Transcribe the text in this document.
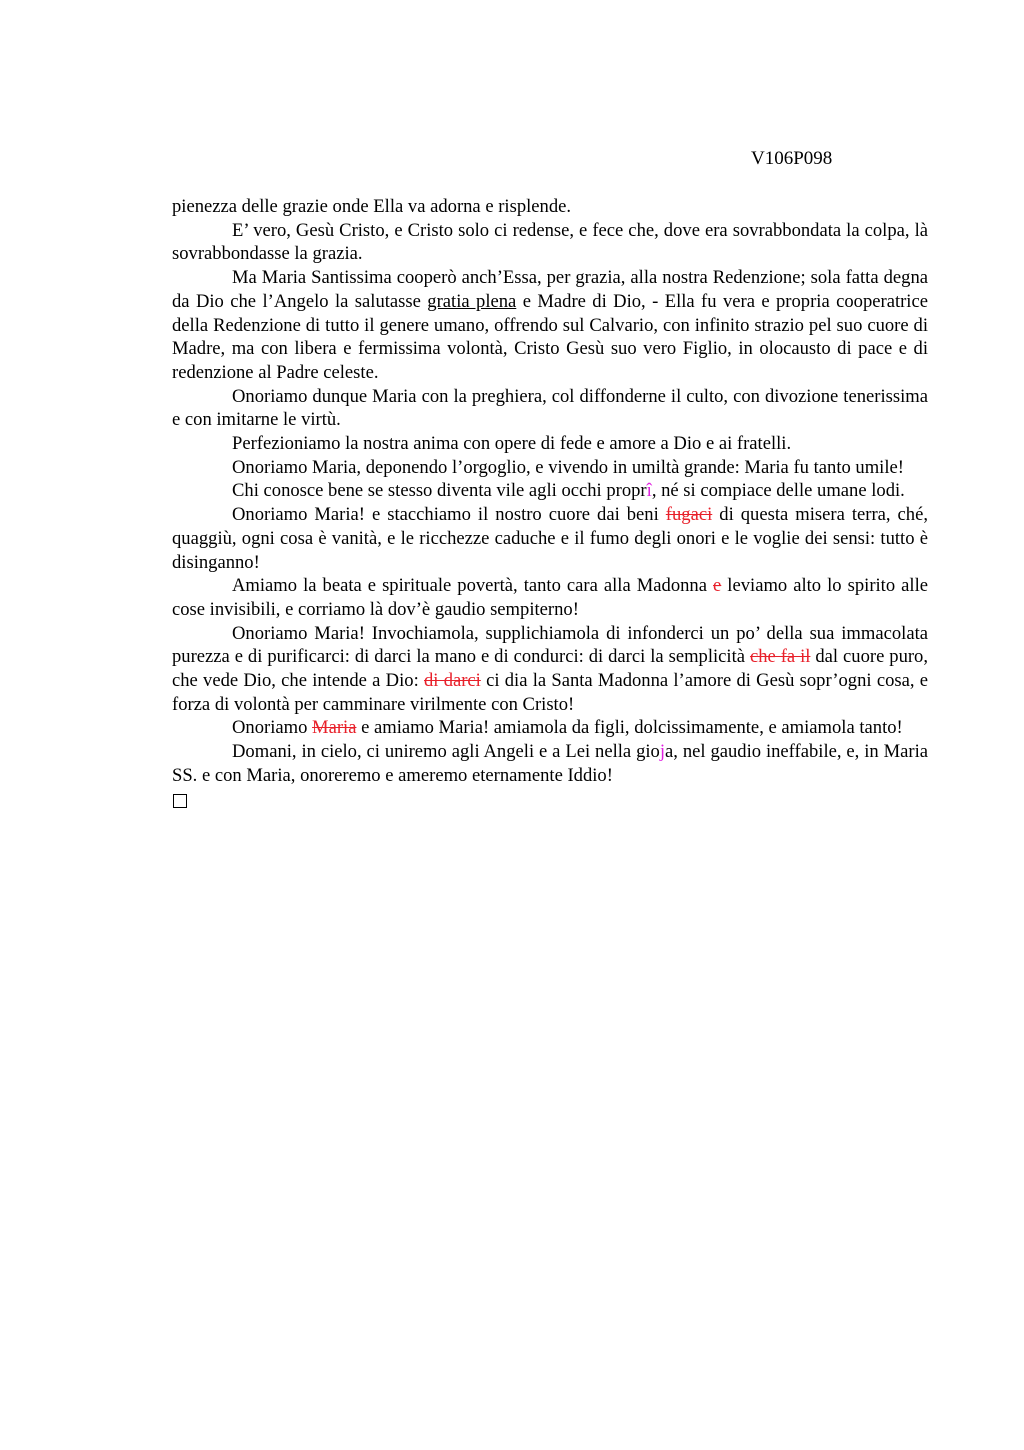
V106P098

pienezza delle grazie onde Ella va adorna e risplende.

E’ vero, Gesù Cristo, e Cristo solo ci redense, e fece che, dove era sovrabbondata la colpa, là sovrabbondasse la grazia.

Ma Maria Santissima cooperò anch’Essa, per grazia, alla nostra Redenzione; sola fatta degna da Dio che l’Angelo la salutasse gratia plena e Madre di Dio, - Ella fu vera e propria cooperatrice della Redenzione di tutto il genere umano, offrendo sul Calvario, con infinito strazio pel suo cuore di Madre, ma con libera e fermissima volontà, Cristo Gesù suo vero Figlio, in olocausto di pace e di redenzione al Padre celeste.

Onoriamo dunque Maria con la preghiera, col diffonderne il culto, con divozione tenerissima e con imitarne le virtù.

Perfezioniamo la nostra anima con opere di fede e amore a Dio e ai fratelli.

Onoriamo Maria, deponendo l’orgoglio, e vivendo in umiltà grande: Maria fu tanto umile!

Chi conosce bene se stesso diventa vile agli occhi proprî, né si compiace delle umane lodi.

Onoriamo Maria! e stacchiamo il nostro cuore dai beni fugaci di questa misera terra, ché, quaggiù, ogni cosa è vanità, e le ricchezze caduche e il fumo degli onori e le voglie dei sensi: tutto è disinganno!

Amiamo la beata e spirituale povertà, tanto cara alla Madonna e leviamo alto lo spirito alle cose invisibili, e corriamo là dov’è gaudio sempiterno!

Onoriamo Maria! Invochiamola, supplichiamola di infonderci un po’ della sua immacolata purezza e di purificarci: di darci la mano e di condurci: di darci la semplicità che fa il dal cuore puro, che vede Dio, che intende a Dio: di darci ci dia la Santa Madonna l’amore di Gesù sopr’ogni cosa, e forza di volontà per camminare virilmente con Cristo!

Onoriamo Maria e amiamo Maria! amiamola da figli, dolcissimamente, e amiamola tanto!

Domani, in cielo, ci uniremo agli Angeli e a Lei nella gioja, nel gaudio ineffabile, e, in Maria SS. e con Maria, onoreremo e ameremo eternamente Iddio!
